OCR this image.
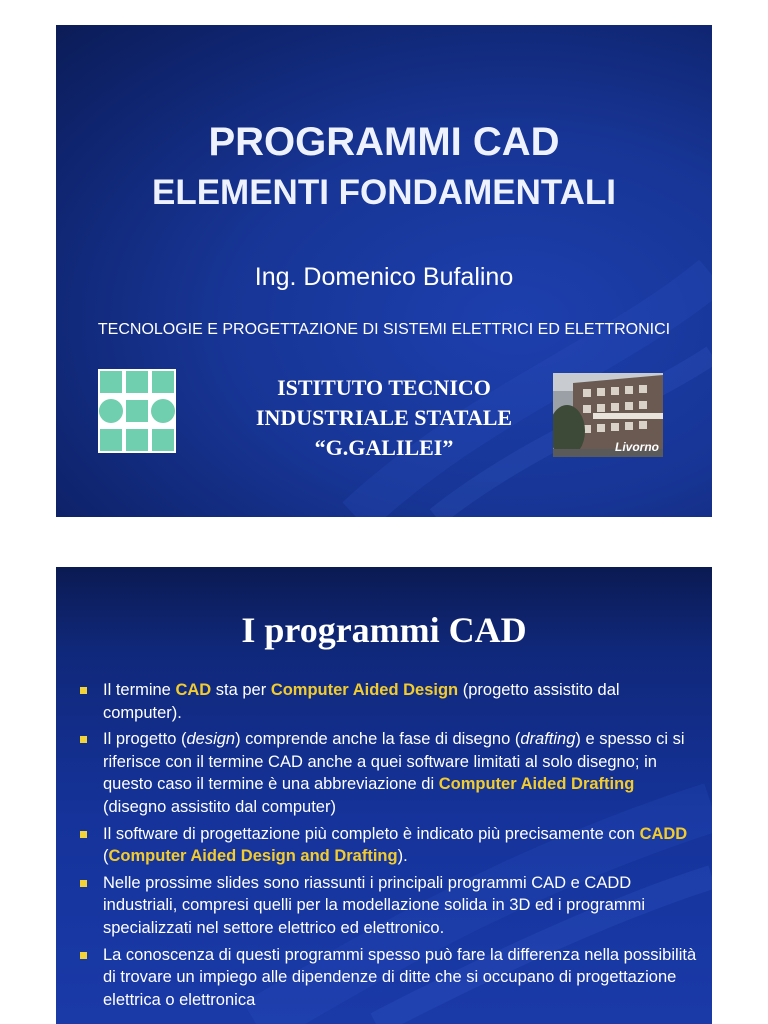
PROGRAMMI CAD
ELEMENTI FONDAMENTALI
Ing. Domenico Bufalino
TECNOLOGIE E PROGETTAZIONE DI SISTEMI ELETTRICI ED ELETTRONICI
ISTITUTO TECNICO
INDUSTRIALE STATALE
“G.GALILEI”	Livorno
I programmi CAD
Il termine CAD sta per Computer Aided Design (progetto assistito dal computer).
Il progetto (design) comprende anche la fase di disegno (drafting) e spesso ci si riferisce con il termine CAD anche a quei software limitati al solo disegno; in questo caso il termine è una abbreviazione di Computer Aided Drafting (disegno assistito dal computer)
Il software di progettazione più completo è indicato più precisamente con CADD (Computer Aided Design and Drafting).
Nelle prossime slides sono riassunti i principali programmi CAD e CADD industriali, compresi quelli per la modellazione solida in 3D ed i programmi specializzati nel settore elettrico ed elettronico.
La conoscenza di questi programmi spesso può fare la differenza nella possibilità di trovare un impiego alle dipendenze di ditte che si occupano di progettazione elettrica o elettronica
